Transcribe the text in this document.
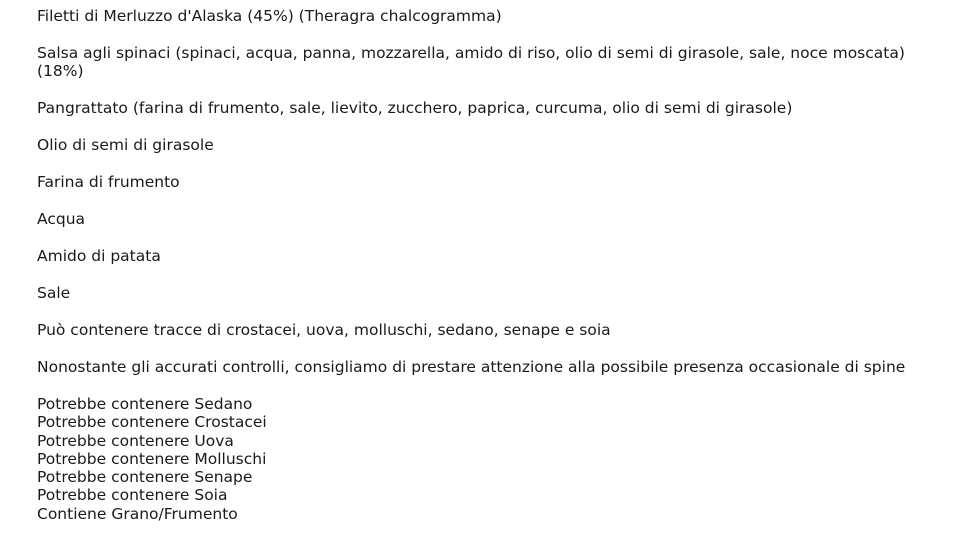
Filetti di Merluzzo d'Alaska (45%) (Theragra chalcogramma)

Salsa agli spinaci (spinaci, acqua, panna, mozzarella, amido di riso, olio di semi di girasole, sale, noce moscata) (18%)

Pangrattato (farina di frumento, sale, lievito, zucchero, paprica, curcuma, olio di semi di girasole)

Olio di semi di girasole

Farina di frumento

Acqua

Amido di patata

Sale

Può contenere tracce di crostacei, uova, molluschi, sedano, senape e soia

Nonostante gli accurati controlli, consigliamo di prestare attenzione alla possibile presenza occasionale di spine

Potrebbe contenere Sedano
Potrebbe contenere Crostacei
Potrebbe contenere Uova
Potrebbe contenere Molluschi
Potrebbe contenere Senape
Potrebbe contenere Soia
Contiene Grano/Frumento
